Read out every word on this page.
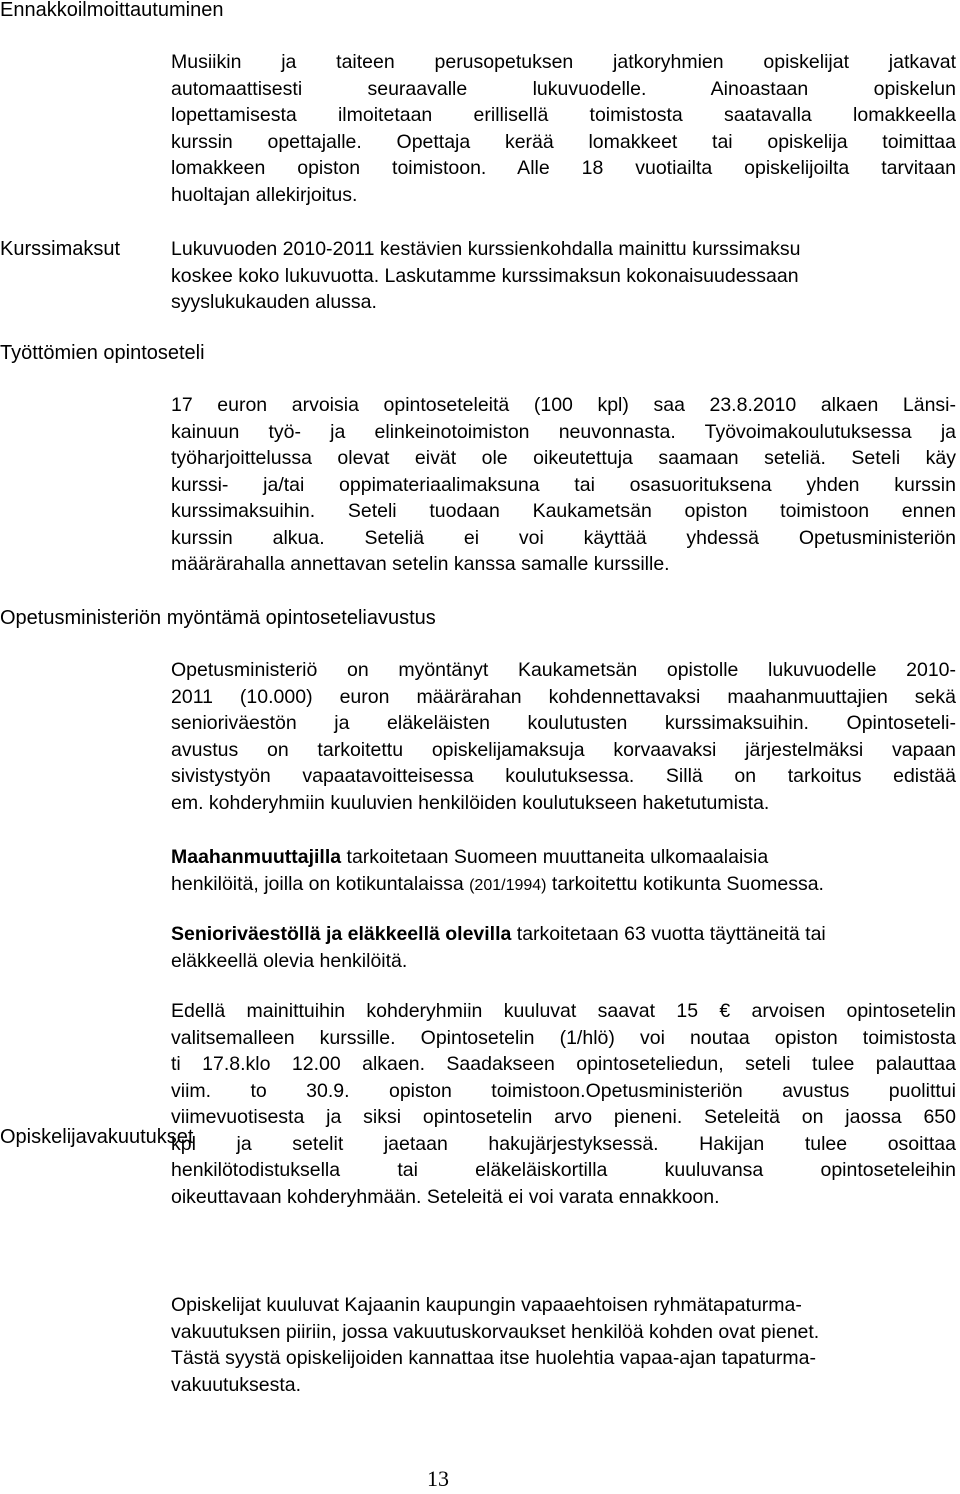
Ennakkoilmoittautuminen
Kurssimaksut
Työttömien opintoseteli
Opetusministeriön myöntämä opintoseteliavustus
Opiskelijavakuutukset

Musiikin ja taiteen perusopetuksen jatkoryhmien opiskelijat jatkavat
automaattisesti seuraavalle lukuvuodelle. Ainoastaan opiskelun
lopettamisesta ilmoitetaan erillisellä toimistosta saatavalla lomakkeella
kurssin opettajalle. Opettaja kerää lomakkeet tai opiskelija toimittaa
lomakkeen opiston toimistoon. Alle 18 vuotiailta opiskelijoilta tarvitaan
huoltajan allekirjoitus.

Lukuvuoden 2010-2011 kestävien kurssienkohdalla mainittu kurssimaksu
koskee koko lukuvuotta. Laskutamme kurssimaksun kokonaisuudessaan
syyslukukauden alussa.

17 euron arvoisia opintoseteleitä (100 kpl) saa 23.8.2010 alkaen Länsi-
kainuun työ- ja elinkeinotoimiston neuvonnasta. Työvoimakoulutuksessa ja
työharjoittelussa olevat eivät ole oikeutettuja saamaan seteliä. Seteli käy
kurssi- ja/tai oppimateriaalimaksuna tai osasuorituksena yhden kurssin
kurssimaksuihin. Seteli tuodaan Kaukametsän opiston toimistoon ennen
kurssin alkua. Seteliä ei voi käyttää yhdessä Opetusministeriön
määrärahalla annettavan setelin kanssa samalle kurssille.

Opetusministeriö on myöntänyt Kaukametsän opistolle lukuvuodelle 2010-
2011 (10.000) euron määrärahan kohdennettavaksi maahanmuuttajien sekä
senioriväestön ja eläkeläisten koulutusten kurssimaksuihin. Opintoseteli-
avustus on tarkoitettu opiskelijamaksuja korvaavaksi järjestelmäksi vapaan
sivistystyön vapaatavoitteisessa koulutuksessa. Sillä on tarkoitus edistää
em. kohderyhmiin kuuluvien henkilöiden koulutukseen haketutumista.

Maahanmuuttajilla tarkoitetaan Suomeen muuttaneita ulkomaalaisia
henkilöitä, joilla on kotikuntalaissa (201/1994) tarkoitettu kotikunta Suomessa.

Senioriväestöllä ja eläkkeellä olevilla tarkoitetaan 63 vuotta täyttäneitä tai
eläkkeellä olevia henkilöitä.

Edellä mainittuihin kohderyhmiin kuuluvat saavat 15 € arvoisen opintosetelin
valitsemalleen kurssille. Opintosetelin (1/hlö) voi noutaa opiston toimistosta
ti 17.8.klo 12.00 alkaen. Saadakseen opintoseteliedun, seteli tulee palauttaa
viim. to 30.9. opiston toimistoon.Opetusministeriön avustus puolittui
viimevuotisesta ja siksi opintosetelin arvo pieneni. Seteleitä on jaossa 650
kpl ja setelit jaetaan hakujärjestyksessä. Hakijan tulee osoittaa
henkilötodistuksella tai eläkeläiskortilla kuuluvansa opintoseteleihin
oikeuttavaan kohderyhmään. Seteleitä ei voi varata ennakkoon.

Opiskelijat kuuluvat Kajaanin kaupungin vapaaehtoisen ryhmätapaturma-
vakuutuksen piiriin, jossa vakuutuskorvaukset henkilöä kohden ovat pienet.
Tästä syystä opiskelijoiden kannattaa itse huolehtia vapaa-ajan tapaturma-
vakuutuksesta.

13
